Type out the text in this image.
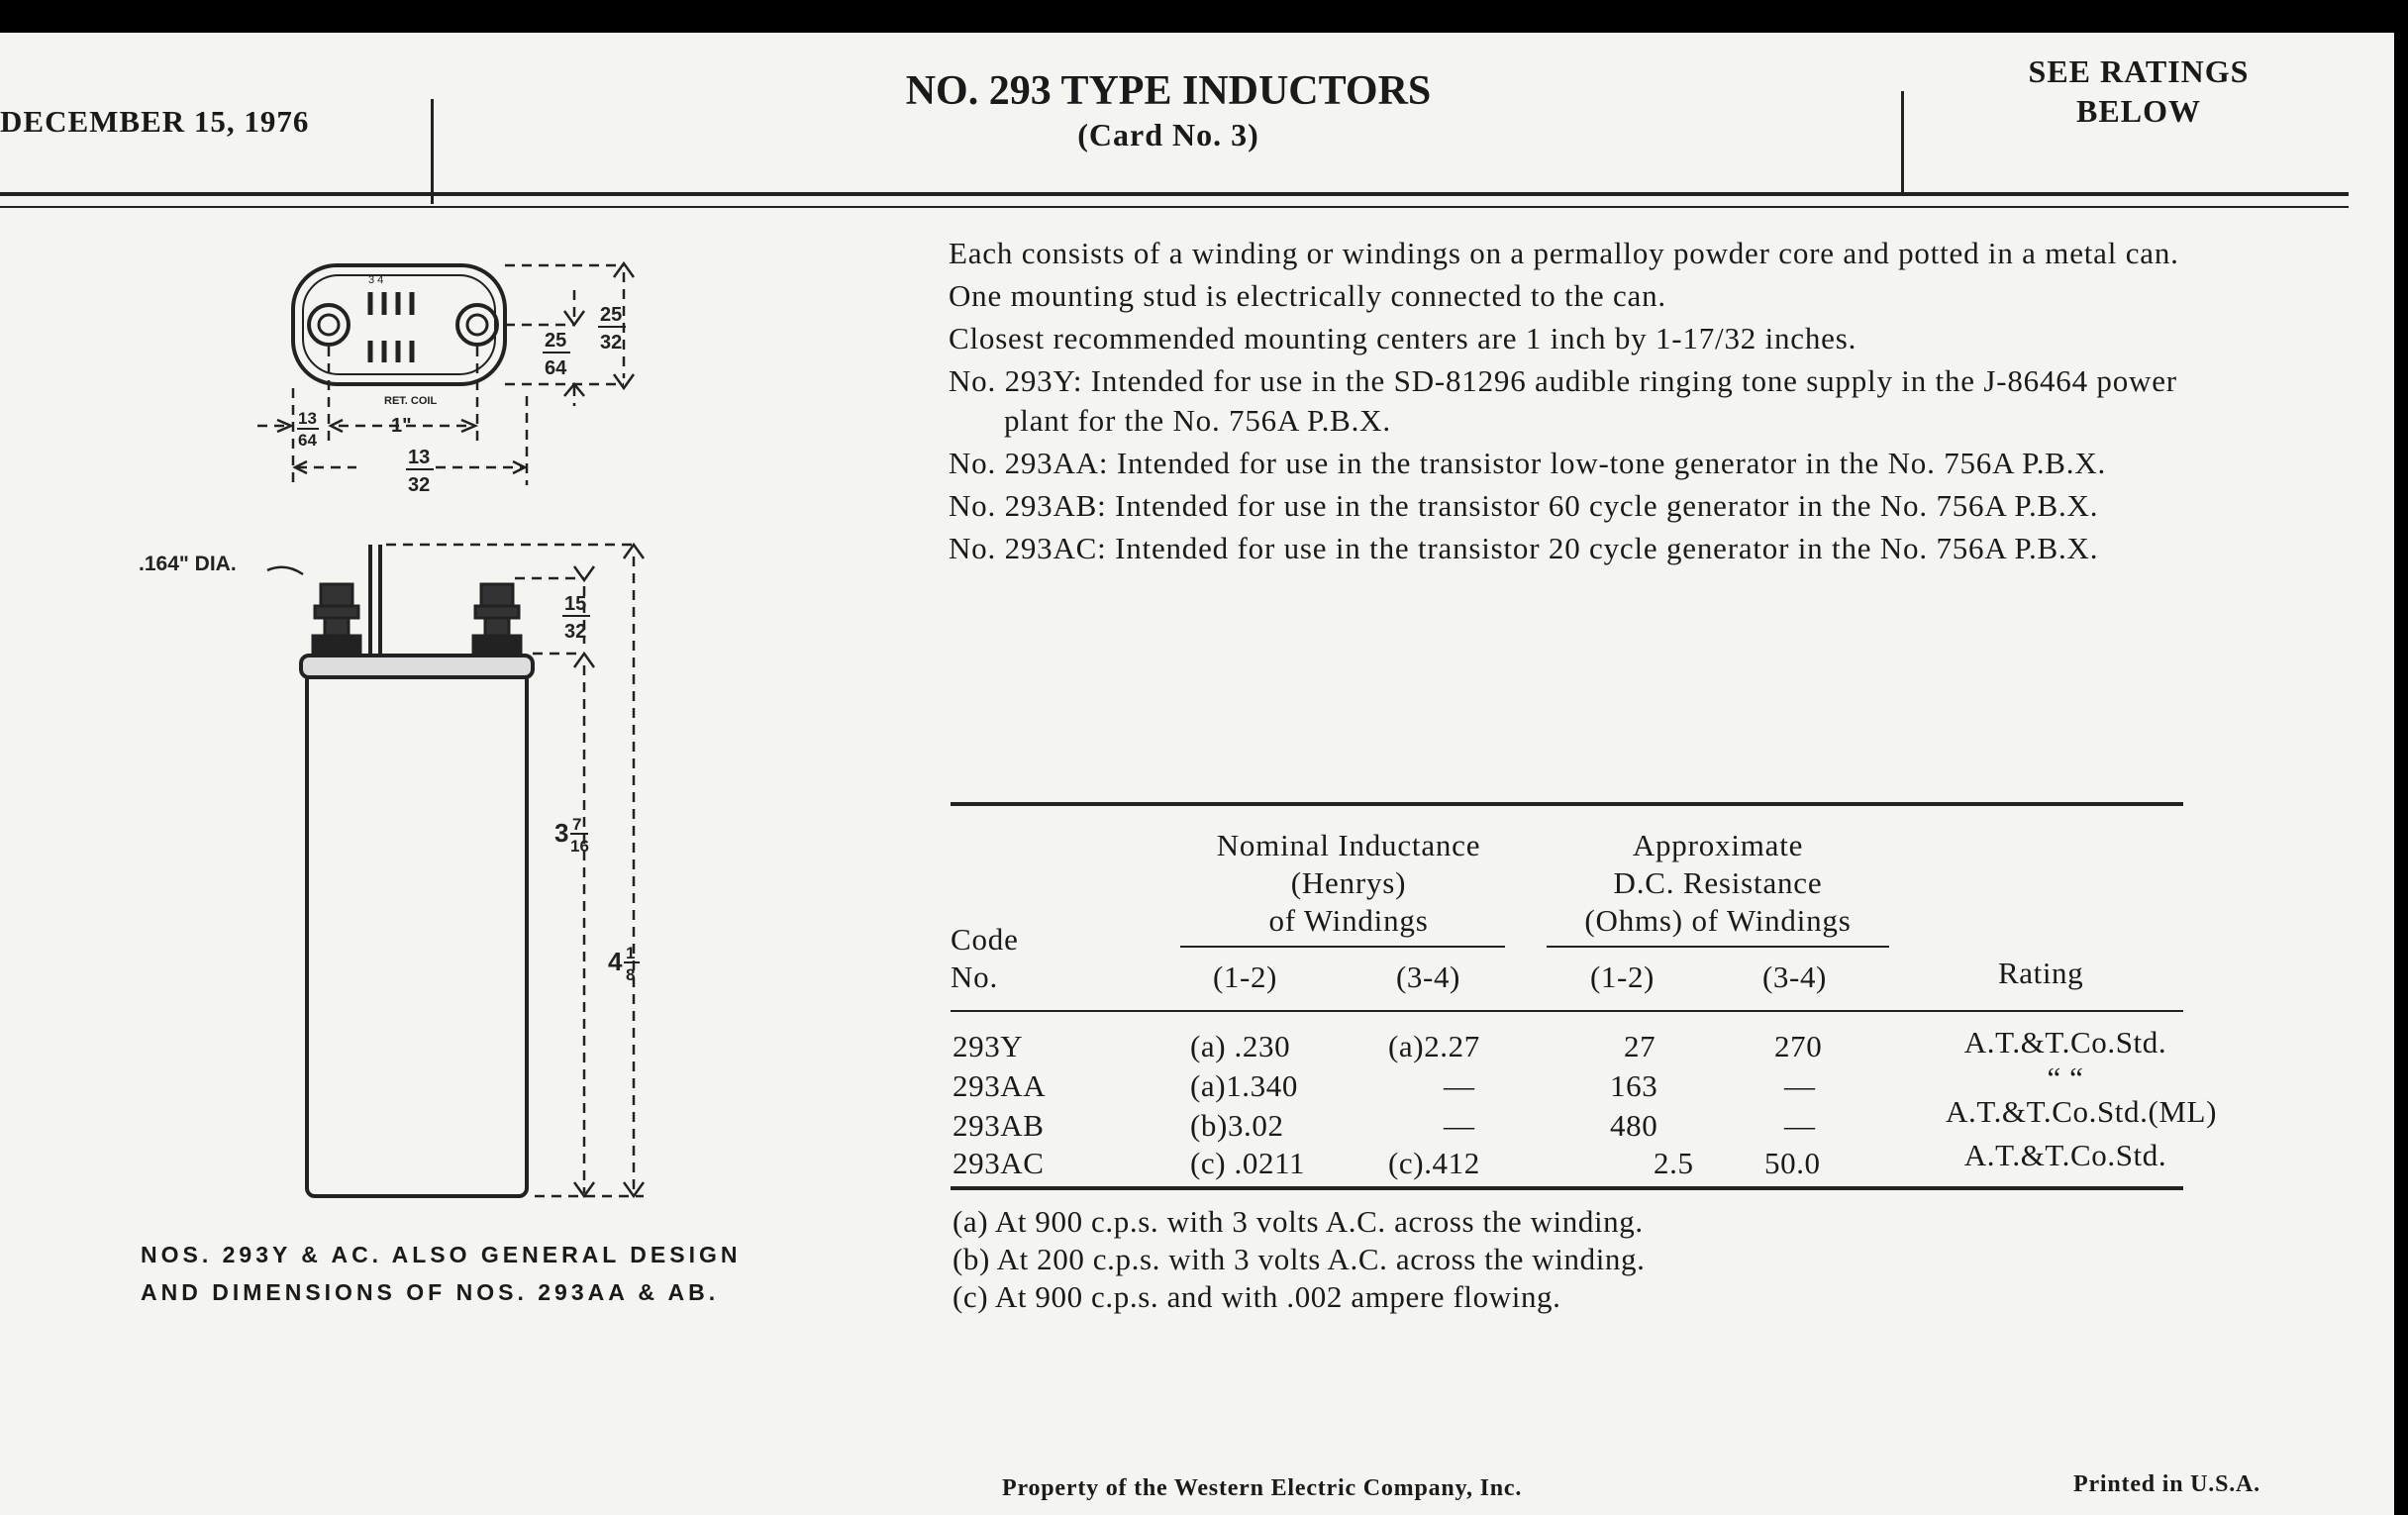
DECEMBER 15, 1976
NO. 293 TYPE INDUCTORS
(Card No. 3)
SEE RATINGS
BELOW
3 4
RET. COIL
25
64
25
32
13
64
1"
13
32
.164" DIA.
15
32
3 7
16
4 1
8
NOS. 293Y & AC. ALSO GENERAL DESIGN AND DIMENSIONS OF NOS. 293AA & AB.

Each consists of a winding or windings on a permalloy powder core and potted in a metal can.

One mounting stud is electrically connected to the can.

Closest recommended mounting centers are 1 inch by 1-17/32 inches.

No. 293Y: Intended for use in the SD-81296 audible ringing tone supply in the J-86464 power plant for the No. 756A P.B.X.

No. 293AA: Intended for use in the transistor low-tone generator in the No. 756A P.B.X.

No. 293AB: Intended for use in the transistor 60 cycle generator in the No. 756A P.B.X.

No. 293AC: Intended for use in the transistor 20 cycle generator in the No. 756A P.B.X.

Code
No.
Nominal Inductance
(Henrys)
of Windings
Approximate
D.C. Resistance
(Ohms) of Windings
(1-2)	(3-4)	(1-2)	(3-4)	Rating
293Y	(a) .230	(a)2.27	27	270	A.T.&T.Co.Std.
293AA	(a)1.340	—	163	—	“ “
293AB	(b)3.02	—	480	—	A.T.&T.Co.Std.(ML)
293AC	(c) .0211	(c).412	2.5 50.0	A.T.&T.Co.Std.
(a) At 900 c.p.s. with 3 volts A.C. across the winding.
(b) At 200 c.p.s. with 3 volts A.C. across the winding.
(c) At 900 c.p.s. and with .002 ampere flowing.
Property of the Western Electric Company, Inc.	Printed in U.S.A.
